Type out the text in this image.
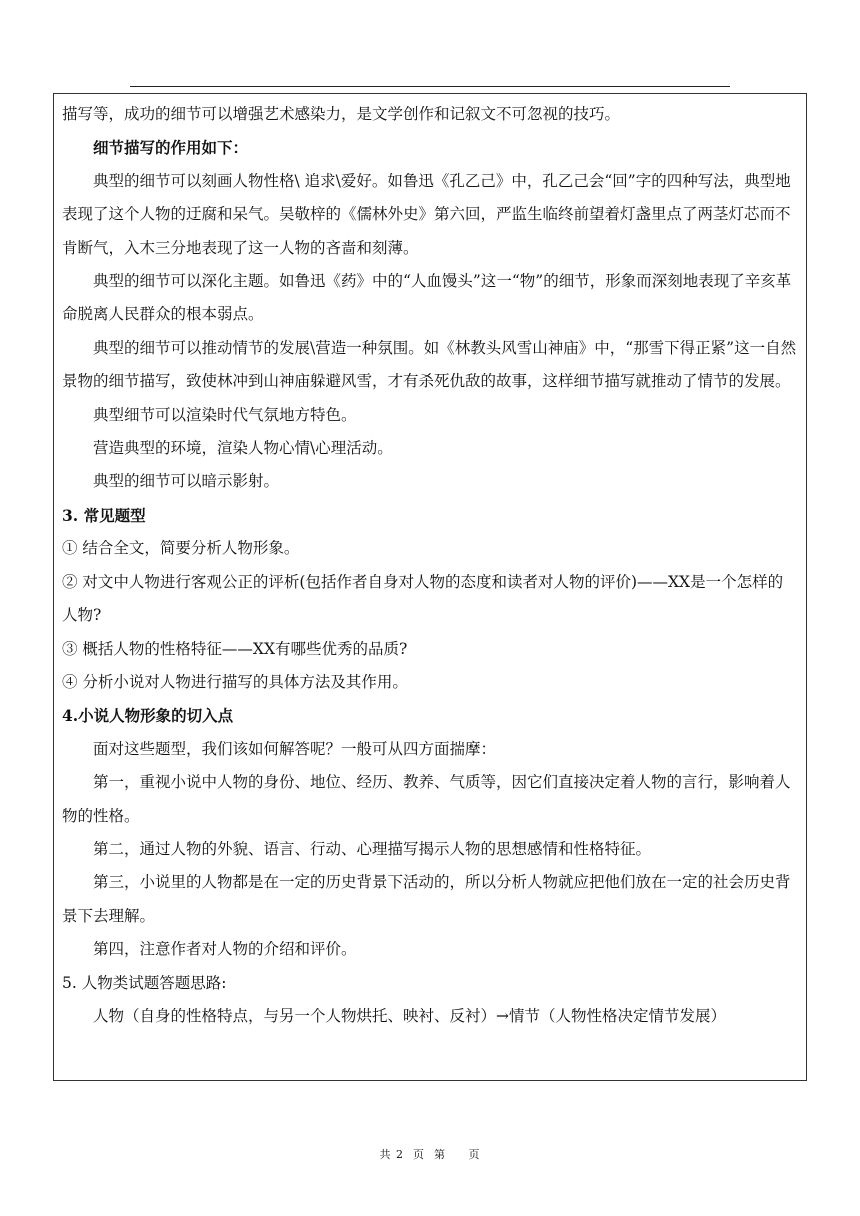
描写等，成功的细节可以增强艺术感染力，是文学创作和记叙文不可忽视的技巧。

细节描写的作用如下：

典型的细节可以刻画人物性格\ 追求\爱好。如鲁迅《孔乙己》中，孔乙己会“回”字的四种写法，典型地表现了这个人物的迂腐和呆气。吴敬梓的《儒林外史》第六回，严监生临终前望着灯盏里点了两茎灯芯而不肯断气，入木三分地表现了这一人物的吝啬和刻薄。

典型的细节可以深化主题。如鲁迅《药》中的“人血馒头”这一“物”的细节，形象而深刻地表现了辛亥革命脱离人民群众的根本弱点。

典型的细节可以推动情节的发展\营造一种氛围。如《林教头风雪山神庙》中，“那雪下得正紧”这一自然景物的细节描写，致使林冲到山神庙躲避风雪，才有杀死仇敌的故事，这样细节描写就推动了情节的发展。

典型细节可以渲染时代气氛地方特色。

营造典型的环境，渲染人物心情\心理活动。

典型的细节可以暗示影射。

3. 常见题型

① 结合全文，简要分析人物形象。

② 对文中人物进行客观公正的评析(包括作者自身对人物的态度和读者对人物的评价)——XX是一个怎样的人物?

③ 概括人物的性格特征——XX有哪些优秀的品质?

④ 分析小说对人物进行描写的具体方法及其作用。

4.小说人物形象的切入点

面对这些题型，我们该如何解答呢？一般可从四方面揣摩：

第一，重视小说中人物的身份、地位、经历、教养、气质等，因它们直接决定着人物的言行，影响着人物的性格。

第二，通过人物的外貌、语言、行动、心理描写揭示人物的思想感情和性格特征。

第三，小说里的人物都是在一定的历史背景下活动的，所以分析人物就应把他们放在一定的社会历史背景下去理解。

第四，注意作者对人物的介绍和评价。

5. 人物类试题答题思路:

人物（自身的性格特点，与另一个人物烘托、映衬、反衬）→情节（人物性格决定情节发展）

共 2  页  第     页
